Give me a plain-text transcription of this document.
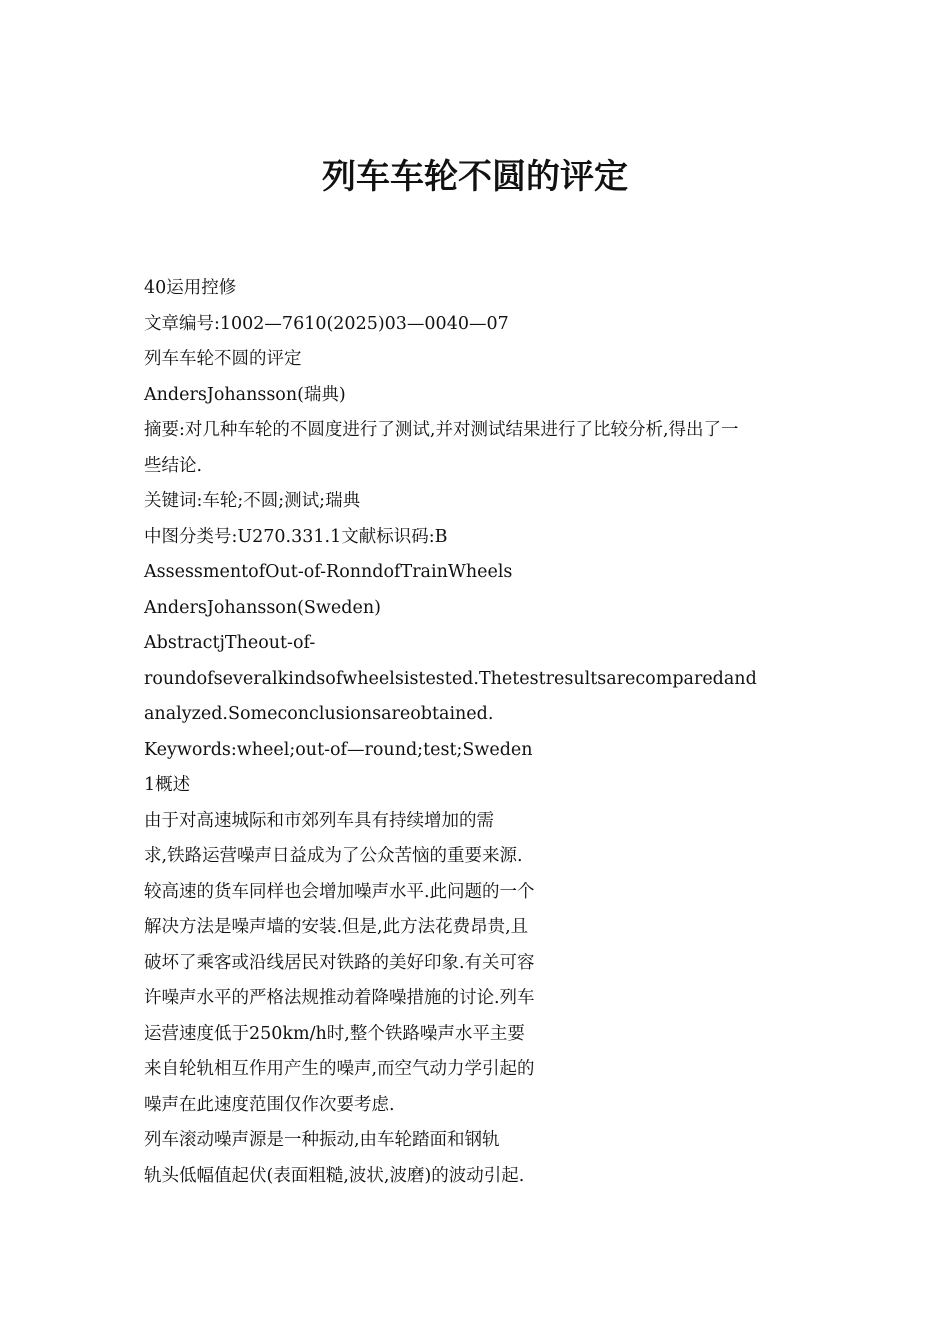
列车车轮不圆的评定

40运用控修

文章编号:1002—7610(2025)03—0040—07

列车车轮不圆的评定

AndersJohansson(瑞典)

摘要:对几种车轮的不圆度进行了测试,并对测试结果进行了比较分析,得出了一

些结论.

关键词:车轮;不圆;测试;瑞典

中图分类号:U270.331.1文献标识码:B

AssessmentofOut-of-RonndofTrainWheels

AndersJohansson(Sweden)

AbstractjTheout-of-

roundofseveralkindsofwheelsistested.Thetestresultsarecomparedand

analyzed.Someconclusionsareobtained.

Keywords:wheel;out-of—round;test;Sweden

1概述

由于对高速城际和市郊列车具有持续增加的需

求,铁路运营噪声日益成为了公众苦恼的重要来源.

较高速的货车同样也会增加噪声水平.此问题的一个

解决方法是噪声墙的安装.但是,此方法花费昂贵,且

破坏了乘客或沿线居民对铁路的美好印象.有关可容

许噪声水平的严格法规推动着降噪措施的讨论.列车

运营速度低于250km/h时,整个铁路噪声水平主要

来自轮轨相互作用产生的噪声,而空气动力学引起的

噪声在此速度范围仅作次要考虑.

列车滚动噪声源是一种振动,由车轮踏面和钢轨

轨头低幅值起伏(表面粗糙,波状,波磨)的波动引起.
